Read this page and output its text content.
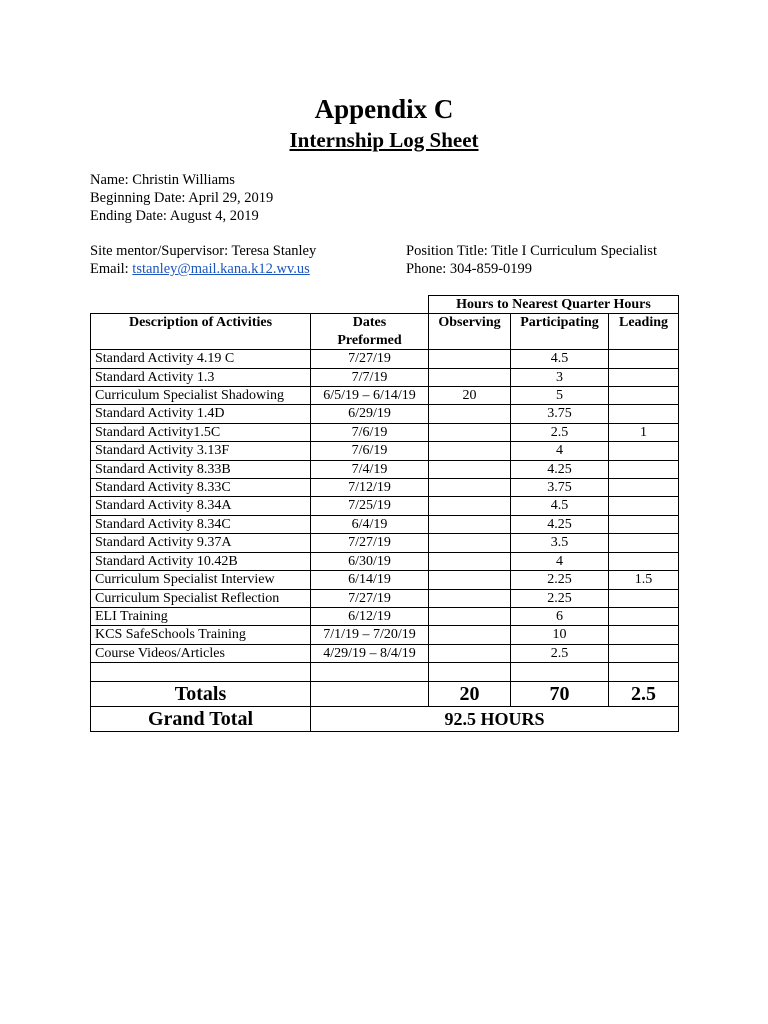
Appendix C
Internship Log Sheet
Name: Christin Williams
Beginning Date: April 29, 2019
Ending Date: August 4, 2019
Site mentor/Supervisor: Teresa Stanley
Email: tstanley@mail.kana.k12.wv.us
Position Title: Title I Curriculum Specialist
Phone: 304-859-0199
		Hours to Nearest Quarter Hours		
Description of Activities	Dates	Observing	Participating	Leading
	Preformed			
Standard Activity 4.19 C	7/27/19		4.5	
Standard Activity 1.3	7/7/19		3	
Curriculum Specialist Shadowing	6/5/19 – 6/14/19	20	5	
Standard Activity 1.4D	6/29/19		3.75	
Standard Activity1.5C	7/6/19		2.5	1
Standard Activity 3.13F	7/6/19		4	
Standard Activity 8.33B	7/4/19		4.25	
Standard Activity 8.33C	7/12/19		3.75	
Standard Activity 8.34A	7/25/19		4.5	
Standard Activity 8.34C	6/4/19		4.25	
Standard Activity 9.37A	7/27/19		3.5	
Standard Activity 10.42B	6/30/19		4	
Curriculum Specialist Interview	6/14/19		2.25	1.5
Curriculum Specialist Reflection	7/27/19		2.25	
ELI Training	6/12/19		6	
KCS SafeSchools Training	7/1/19 – 7/20/19		10	
Course Videos/Articles	4/29/19 – 8/4/19		2.5	

Totals		20	70	2.5
Grand Total	92.5 HOURS			
